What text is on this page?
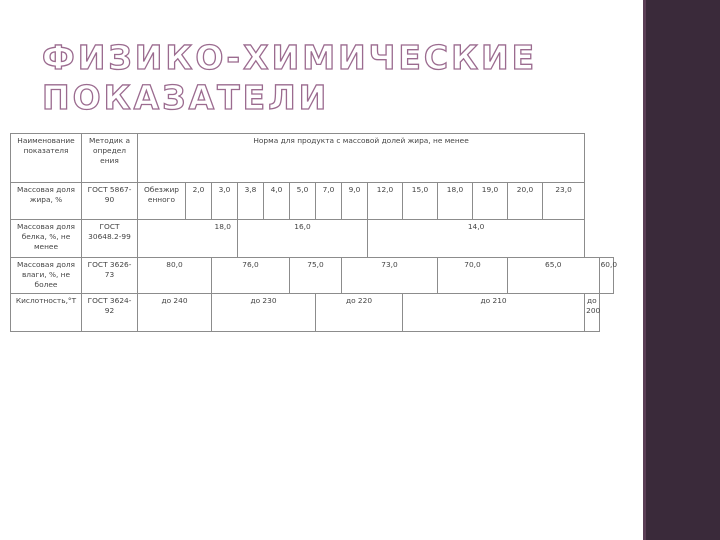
ФИЗИКО-ХИМИЧЕСКИЕ
ПОКАЗАТЕЛИ
Наименование показателя	Методик а определ ения	Норма для продукта с массовой долей жира, не менее															
Массовая доля жира, %	ГОСТ 5867-90	Обезжир енного	2,0	3,0	3,8	4,0	5,0	7,0	9,0	12,0	15,0	18,0	19,0	20,0	23,0		
Массовая доля белка, %, не менее	ГОСТ 30648.2-99	18,0			16,0					14,0							
Массовая доля влаги, %, не более	ГОСТ 3626-73	80,0		76,0			75,0		73,0			70,0		65,0			60,0
Кислотность,°Т	ГОСТ 3624-92	до 240		до 230				до 220			до 210					до 200	
